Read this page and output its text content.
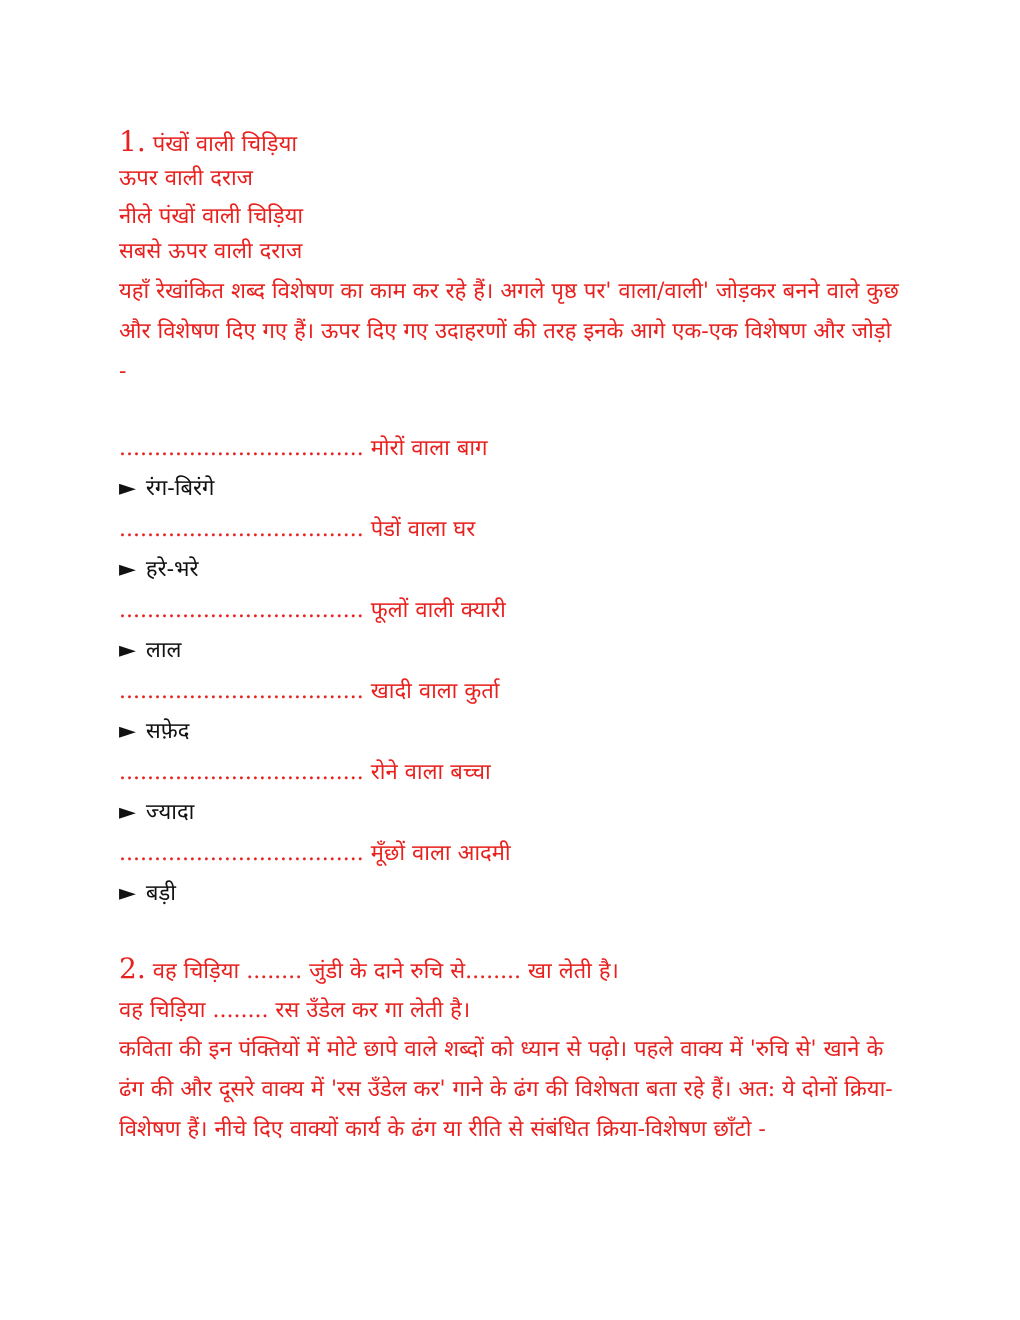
1. पंखों वाली चिड़िया
ऊपर वाली दराज
नीले पंखों वाली चिड़िया
सबसे ऊपर वाली दराज
यहाँ रेखांकित शब्द विशेषण का काम कर रहे हैं। अगले पृष्ठ पर' वाला/वाली' जोड़कर बनने वाले कुछ और विशेषण दिए गए हैं। ऊपर दिए गए उदाहरणों की तरह इनके आगे एक-एक विशेषण और जोड़ो -
................................... मोरों वाला बाग
► रंग-बिरंगे
................................... पेडों वाला घर
► हरे-भरे
................................... फूलों वाली क्यारी
► लाल
................................... खादी वाला कुर्ता
► सफ़ेद
................................... रोने वाला बच्चा
► ज्यादा
................................... मूँछों वाला आदमी
► बड़ी
2. वह चिड़िया ........ जुंडी के दाने रुचि से........ खा लेती है।
वह चिड़िया ........ रस उँडेल कर गा लेती है।
कविता की इन पंक्तियों में मोटे छापे वाले शब्दों को ध्यान से पढ़ो। पहले वाक्य में 'रुचि से' खाने के ढंग की और दूसरे वाक्य में 'रस उँडेल कर' गाने के ढंग की विशेषता बता रहे हैं। अत: ये दोनों क्रिया-विशेषण हैं। नीचे दिए वाक्यों कार्य के ढंग या रीति से संबंधित क्रिया-विशेषण छाँटो -
